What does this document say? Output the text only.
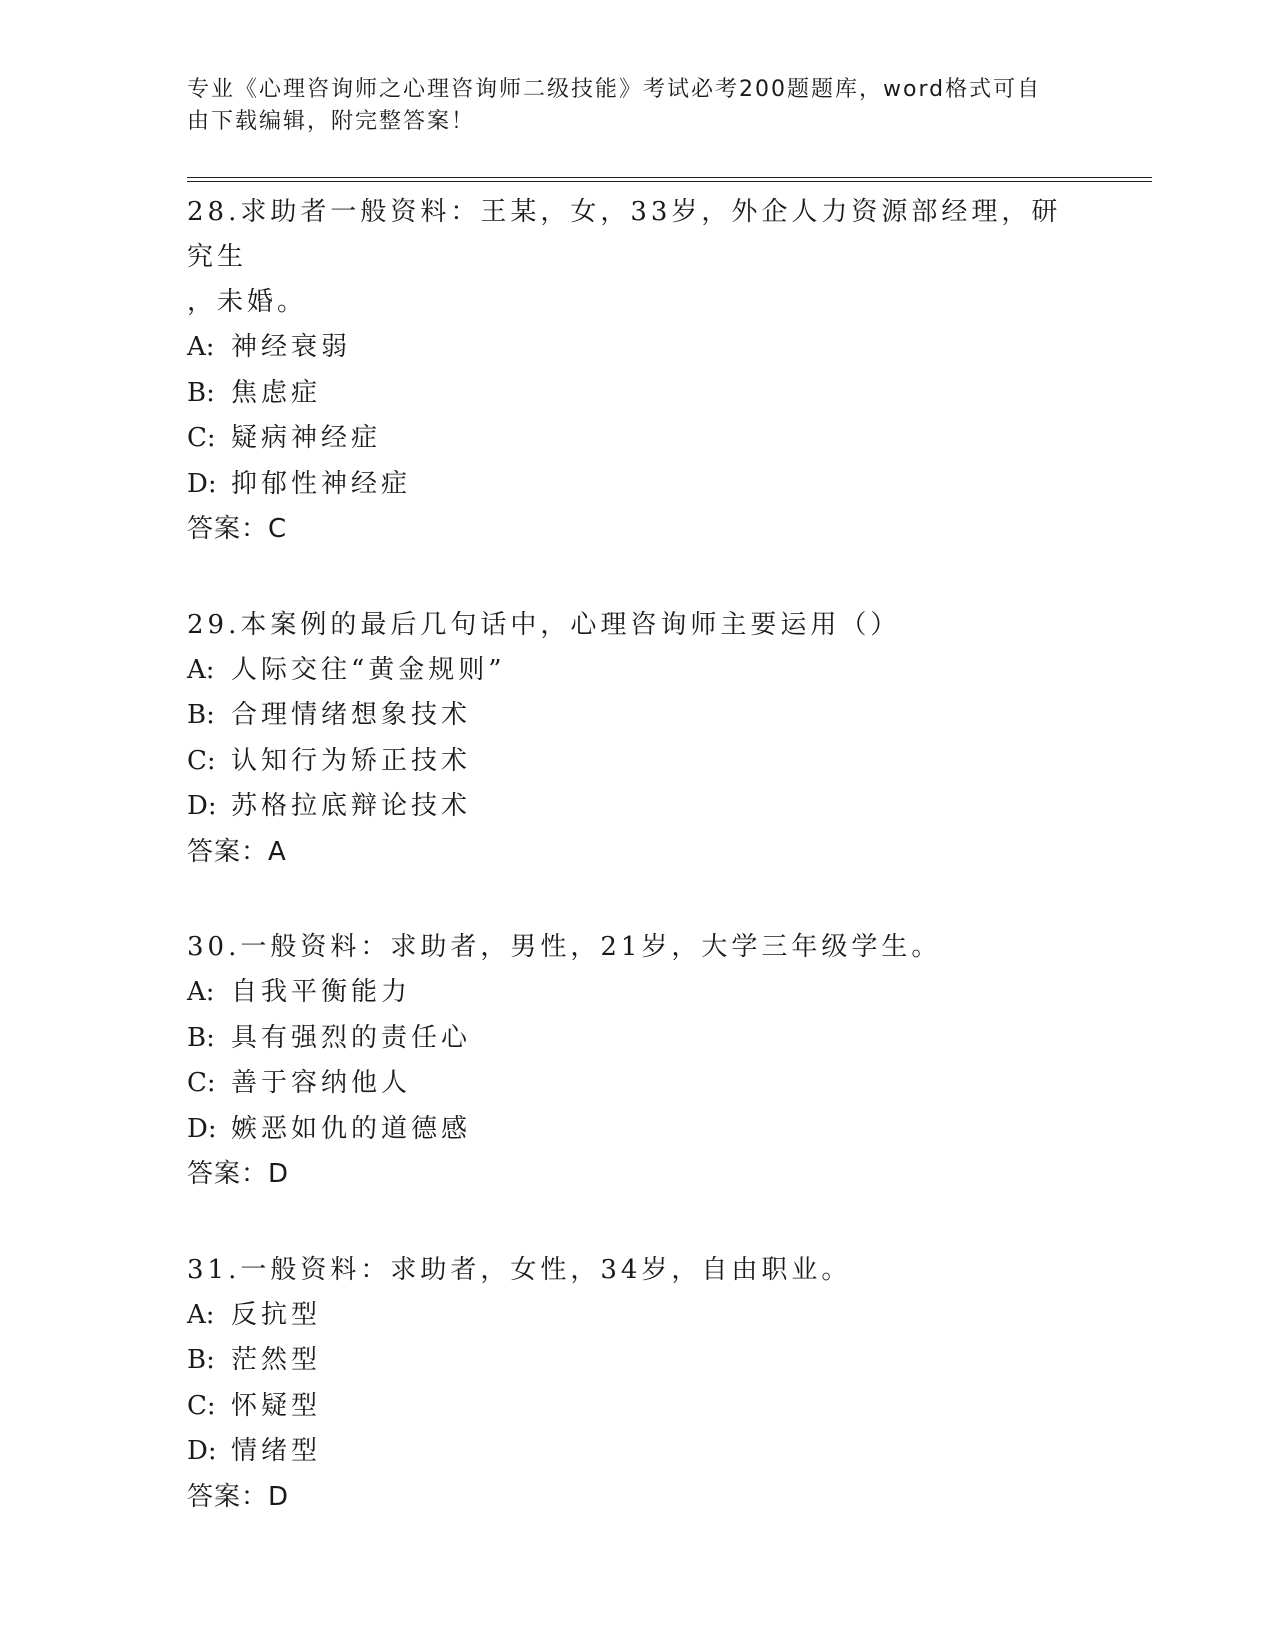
专业《心理咨询师之心理咨询师二级技能》考试必考200题题库，word格式可自
由下载编辑，附完整答案！
28.求助者一般资料：王某，女，33岁，外企人力资源部经理，研究生
，未婚。
A: 神经衰弱
B: 焦虑症
C: 疑病神经症
D: 抑郁性神经症
答案：C
29.本案例的最后几句话中，心理咨询师主要运用（）
A: 人际交往“黄金规则”
B: 合理情绪想象技术
C: 认知行为矫正技术
D: 苏格拉底辩论技术
答案：A
30.一般资料：求助者，男性，21岁，大学三年级学生。
A: 自我平衡能力
B: 具有强烈的责任心
C: 善于容纳他人
D: 嫉恶如仇的道德感
答案：D
31.一般资料：求助者，女性，34岁，自由职业。
A: 反抗型
B: 茫然型
C: 怀疑型
D: 情绪型
答案：D
